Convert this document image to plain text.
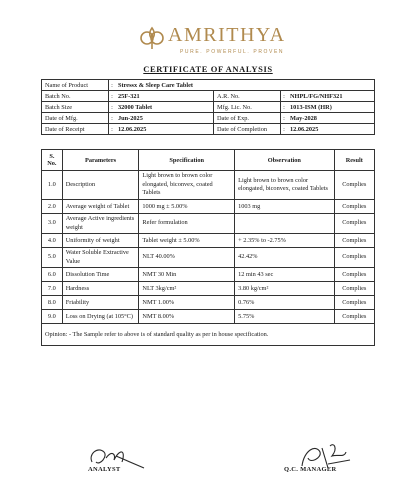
AMRITHYA
PURE. POWERFUL. PROVEN
CERTIFICATE OF ANALYSIS
Name of Product	:	Stressx & Sleep Care Tablet			
Batch No.	:	25F-321	A.R. No.	:	NHPL/FG/NHF321
Batch Size	:	32000 Tablet	Mfg. Lic. No.	:	1013-ISM (HR)
Date of Mfg.	:	Jun-2025	Date of Exp.	:	May-2028
Date of Receipt	:	12.06.2025	Date of Completion	:	12.06.2025
S. No.	Parameters	Specification	Observation	Result
1.0	Description	Light brown to brown color elongated, biconvex, coated Tablets	Light brown to brown color elongated, biconvex, coated Tablets	Complies
2.0	Average weight of Tablet	1000 mg ± 5.00%	1003 mg	Complies
3.0	Average Active ingredients weight	Refer formulation		Complies
4.0	Uniformity of weight	Tablet weight ± 5.00%	+ 2.35% to -2.75%	Complies
5.0	Water Soluble Extractive Value	NLT 40.00%	42.42%	Complies
6.0	Dissolution Time	NMT 30 Min	12 min 43 sec	Complies
7.0	Hardness	NLT 3kg/cm²	3.80 kg/cm²	Complies
8.0	Friability	NMT 1.00%	0.76%	Complies
9.0	Loss on Drying (at 105°C)	NMT 8.00%	5.75%	Complies
Opinion: - The Sample refer to above is of standard quality as per in house specification.				
ANALYST	Q.C. MANAGER
